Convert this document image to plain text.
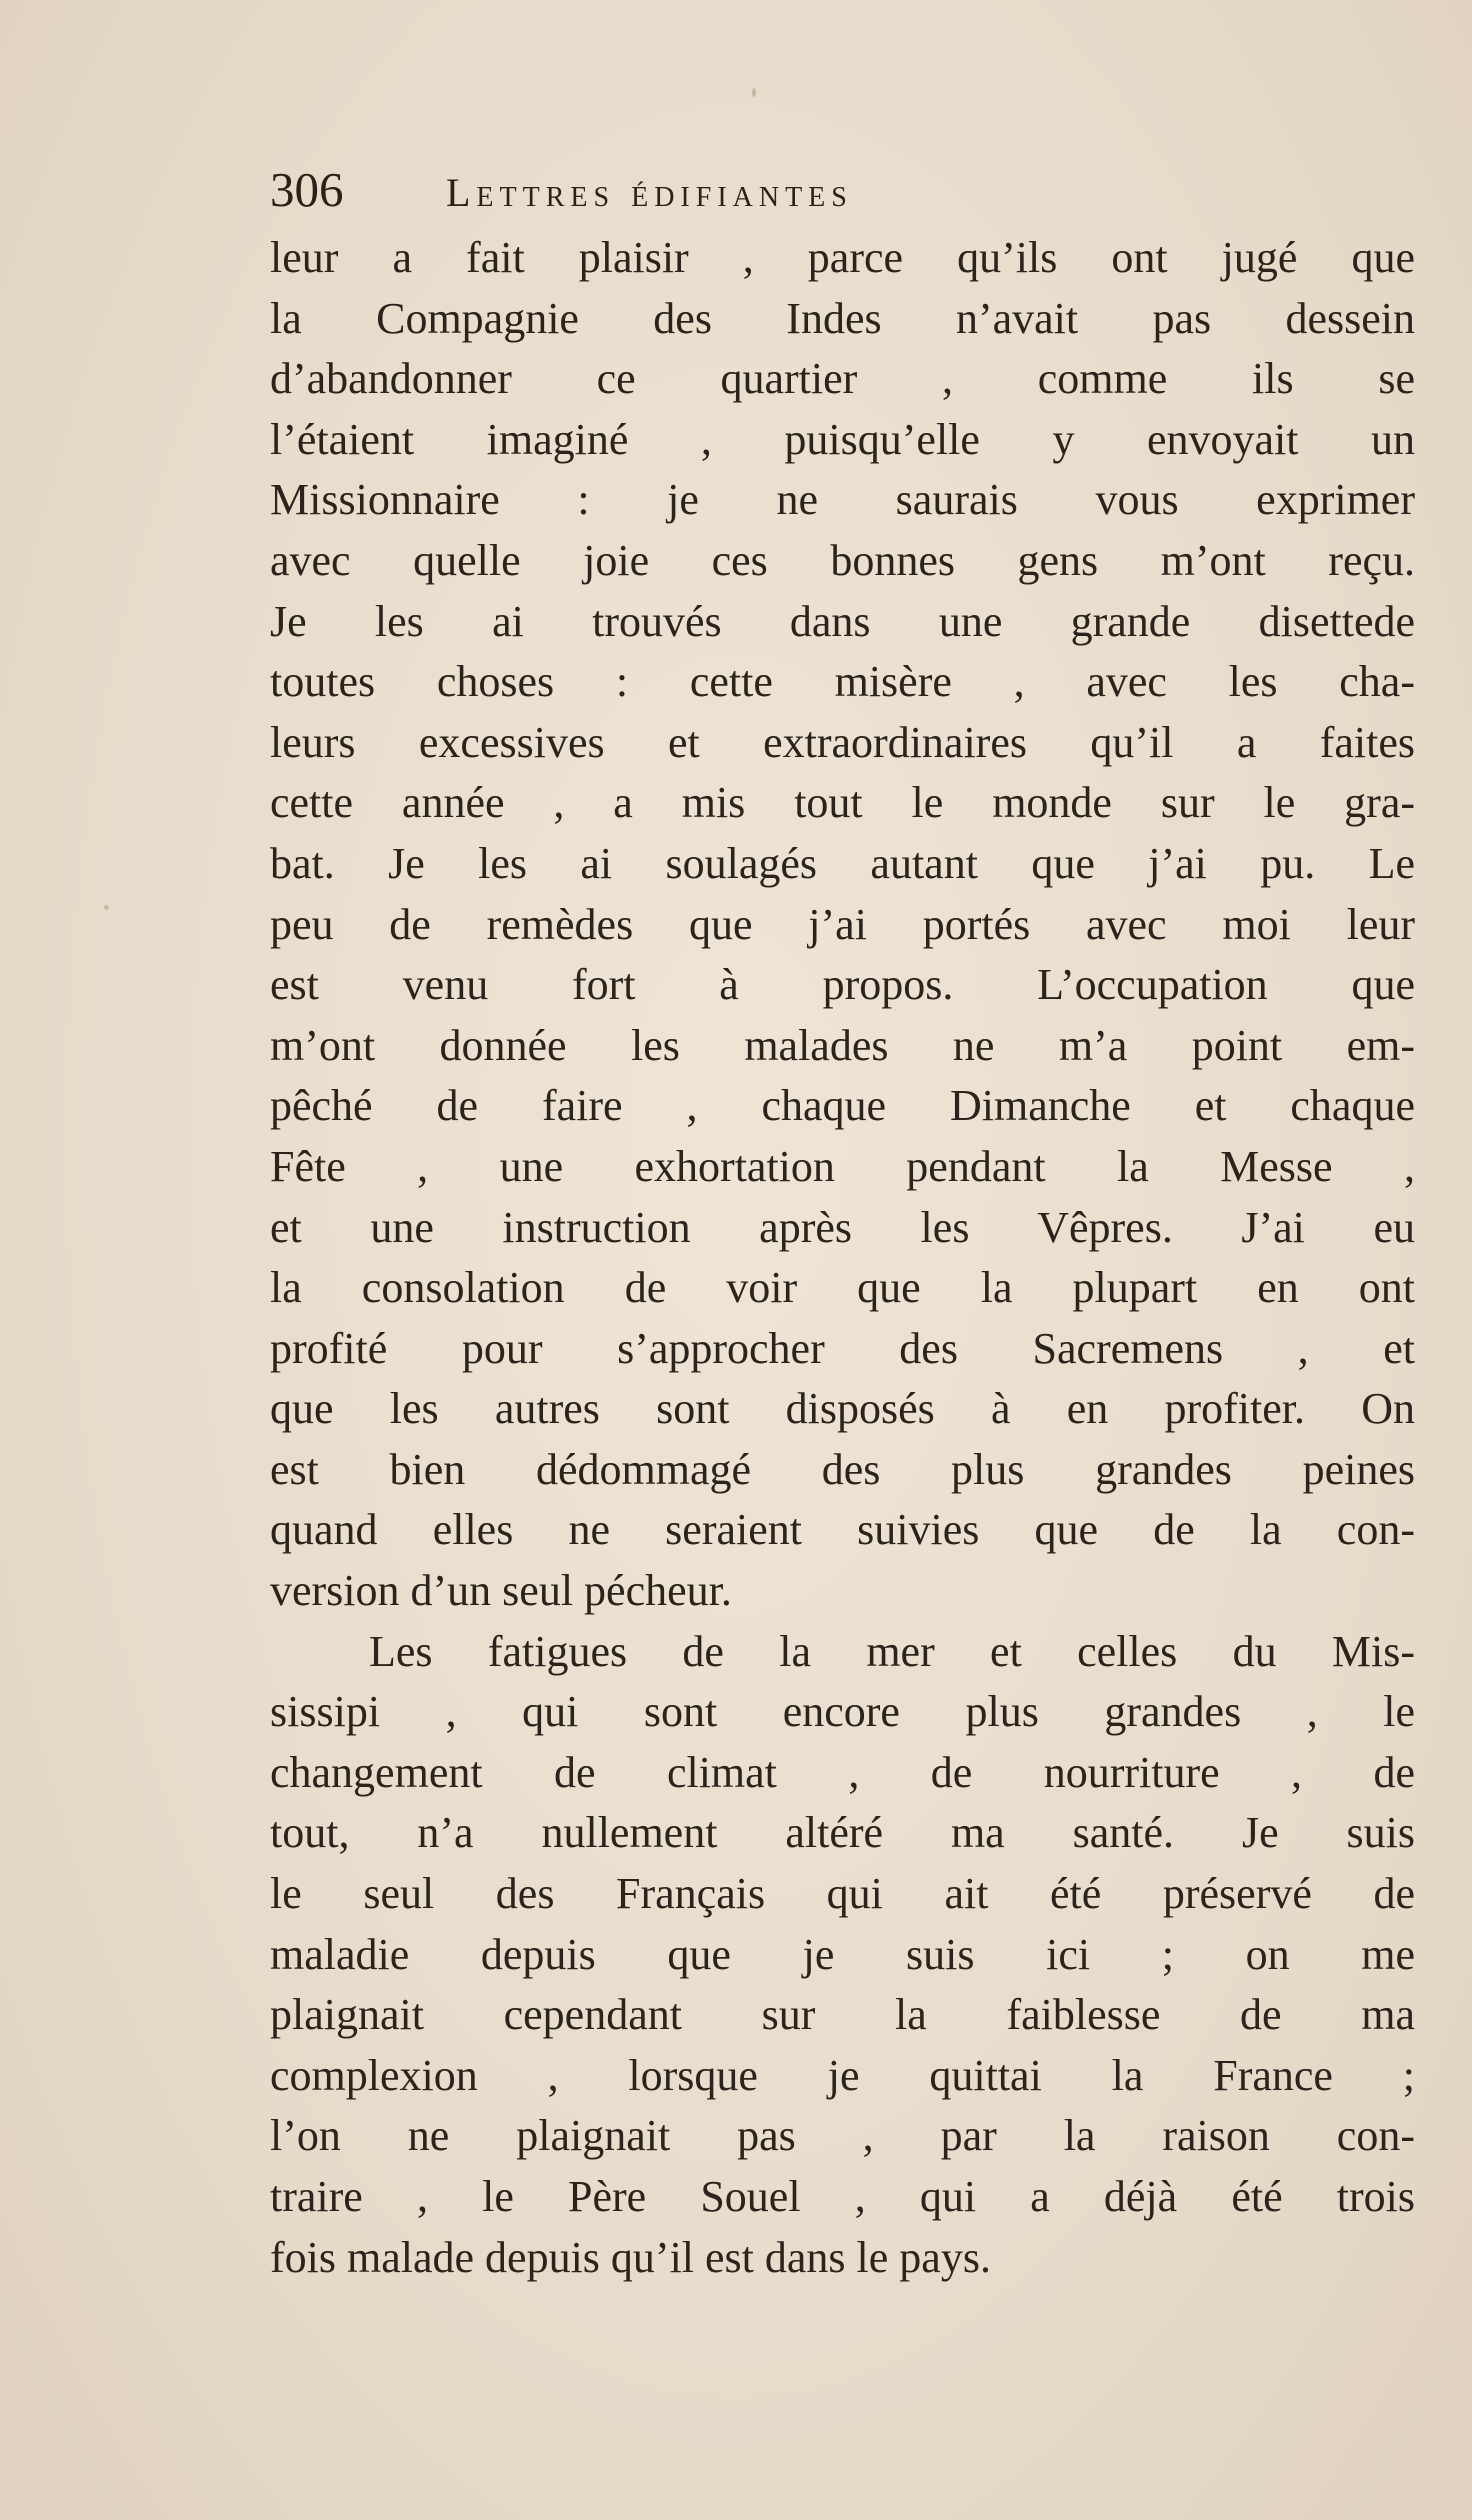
306	Lettres édifiantes
leur a fait plaisir , parce qu’ils ont jugé que
la Compagnie des Indes n’avait pas dessein
d’abandonner ce quartier , comme ils se
l’étaient imaginé , puisqu’elle y envoyait un
Missionnaire : je ne saurais vous exprimer
avec quelle joie ces bonnes gens m’ont reçu.
Je les ai trouvés dans une grande disettede
toutes choses : cette misère , avec les cha-
leurs excessives et extraordinaires qu’il a faites
cette année , a mis tout le monde sur le gra-
bat. Je les ai soulagés autant que j’ai pu. Le
peu de remèdes que j’ai portés avec moi leur
est venu fort à propos. L’occupation que
m’ont donnée les malades ne m’a point em-
pêché de faire , chaque Dimanche et chaque
Fête , une exhortation pendant la Messe ,
et une instruction après les Vêpres. J’ai eu
la consolation de voir que la plupart en ont
profité pour s’approcher des Sacremens , et
que les autres sont disposés à en profiter. On
est bien dédommagé des plus grandes peines
quand elles ne seraient suivies que de la con-
version d’un seul pécheur.
Les fatigues de la mer et celles du Mis-
sissipi , qui sont encore plus grandes , le
changement de climat , de nourriture , de
tout, n’a nullement altéré ma santé. Je suis
le seul des Français qui ait été préservé de
maladie depuis que je suis ici ; on me
plaignait cependant sur la faiblesse de ma
complexion , lorsque je quittai la France ;
l’on ne plaignait pas , par la raison con-
traire , le Père Souel , qui a déjà été trois
fois malade depuis qu’il est dans le pays.
